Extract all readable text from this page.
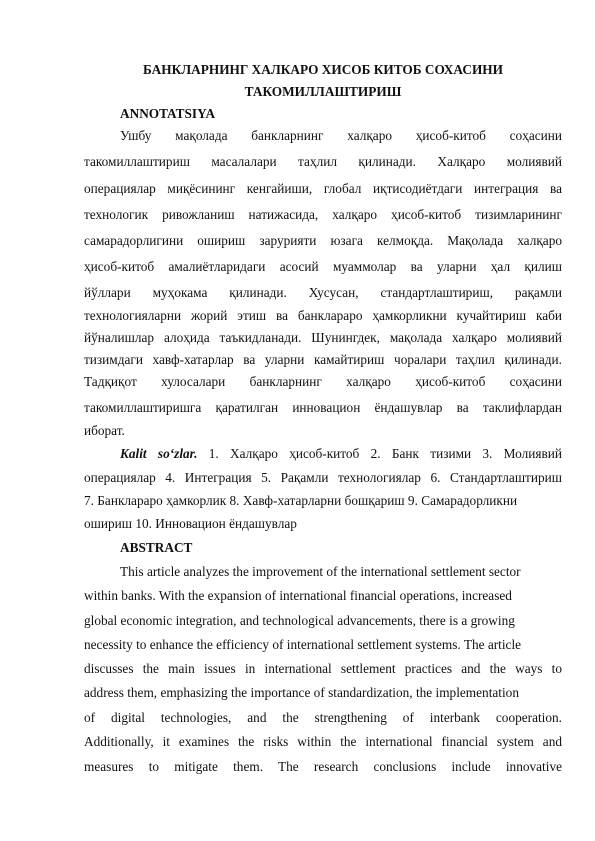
БАНКЛАРНИНГ ХАЛКАРО ХИСОБ КИТОБ СОХАСИНИ
ТАКОМИЛЛАШТИРИШ
ANNOTATSIYA
Ушбу мақолада банкларнинг халқаро ҳисоб-китоб соҳасини
такомиллаштириш масалалари таҳлил қилинади. Халқаро молиявий
операциялар миқёсининг кенгайиши, глобал иқтисодиётдаги интеграция ва
технологик ривожланиш натижасида, халқаро ҳисоб-китоб тизимларининг
самарадорлигини ошириш зарурияти юзага келмоқда. Мақолада халқаро
ҳисоб-китоб амалиётларидаги асосий муаммолар ва уларни ҳал қилиш
йўллари муҳокама қилинади. Хусусан, стандартлаштириш, рақамли
технологияларни жорий этиш ва банклараро ҳамкорликни кучайтириш каби
йўналишлар алоҳида таъкидланади. Шунингдек, мақолада халқаро молиявий
тизимдаги хавф-хатарлар ва уларни камайтириш чоралари таҳлил қилинади.
Тадқиқот хулосалари банкларнинг халқаро ҳисоб-китоб соҳасини
такомиллаштиришга қаратилган инновацион ёндашувлар ва таклифлардан
иборат.
Kalit so‘zlar. 1. Халқаро ҳисоб-китоб 2. Банк тизими 3. Молиявий
операциялар 4. Интеграция 5. Рақамли технологиялар 6. Стандартлаштириш
7. Банклараро ҳамкорлик 8. Хавф-хатарларни бошқариш 9. Самарадорликни
ошириш 10. Инновацион ёндашувлар
ABSTRACT
This article analyzes the improvement of the international settlement sector
within banks. With the expansion of international financial operations, increased
global economic integration, and technological advancements, there is a growing
necessity to enhance the efficiency of international settlement systems. The article
discusses the main issues in international settlement practices and the ways to
address them, emphasizing the importance of standardization, the implementation
of digital technologies, and the strengthening of interbank cooperation.
Additionally, it examines the risks within the international financial system and
measures to mitigate them. The research conclusions include innovative
